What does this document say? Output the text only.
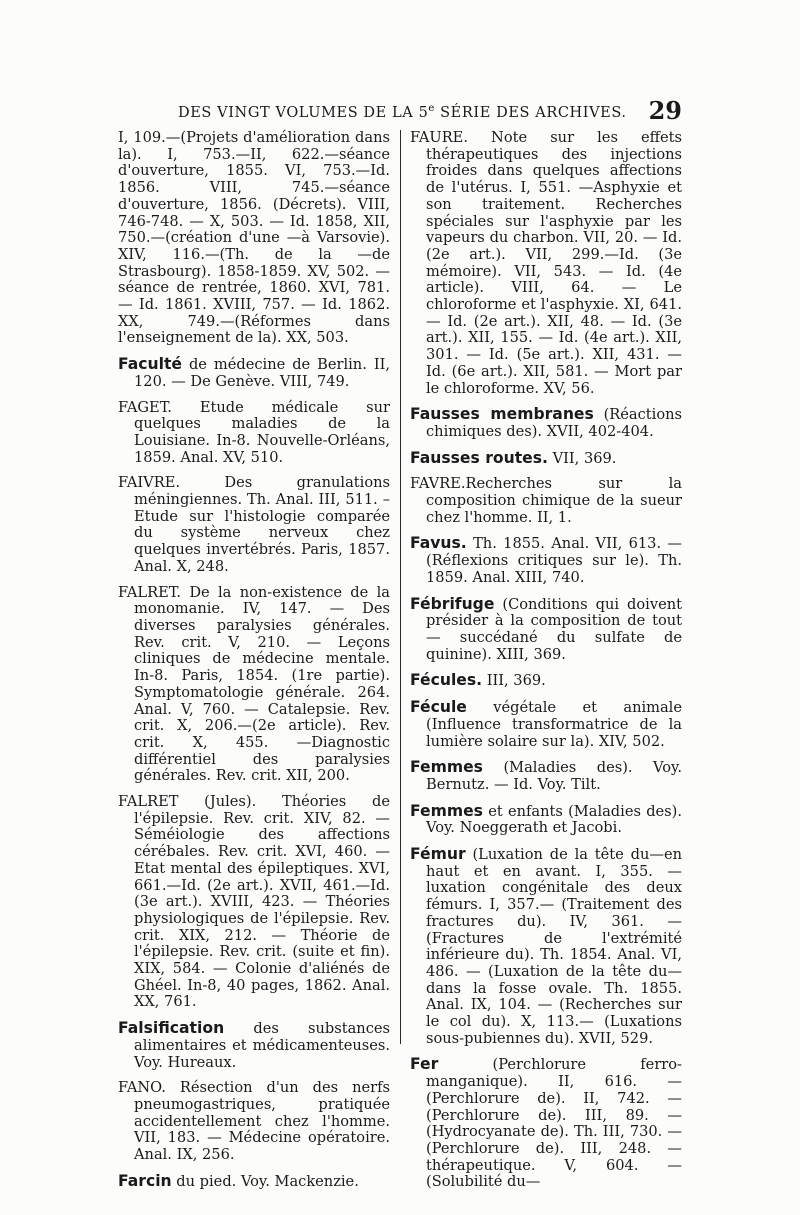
DES VINGT VOLUMES DE LA 5e SÉRIE DES ARCHIVES. 29

I, 109.—(Projets d'amélioration dans la). I, 753.—II, 622.—séance d'ouverture, 1855. VI, 753.—Id. 1856. VIII, 745.—séance d'ouverture, 1856. (Décrets). VIII, 746-748. — X, 503. — Id. 1858, XII, 750.—(création d'une —à Varsovie). XIV, 116.—(Th. de la —de Strasbourg). 1858-1859. XV, 502. — séance de rentrée, 1860. XVI, 781. — Id. 1861. XVIII, 757. — Id. 1862. XX, 749.—(Réformes dans l'enseignement de la). XX, 503.

Faculté de médecine de Berlin. II, 120. — De Genève. VIII, 749.

FAGET. Etude médicale sur quelques maladies de la Louisiane. In-8. Nouvelle-Orléans, 1859. Anal. XV, 510.

FAIVRE. Des granulations méningiennes. Th. Anal. III, 511. – Etude sur l'histologie comparée du système nerveux chez quelques invertébrés. Paris, 1857. Anal. X, 248.

FALRET. De la non-existence de la monomanie. IV, 147. — Des diverses paralysies générales. Rev. crit. V, 210. — Leçons cliniques de médecine mentale. In-8. Paris, 1854. (1re partie). Symptomatologie générale. 264. Anal. V, 760. — Catalepsie. Rev. crit. X, 206.—(2e article). Rev. crit. X, 455. —Diagnostic différentiel des paralysies générales. Rev. crit. XII, 200.

FALRET (Jules). Théories de l'épilepsie. Rev. crit. XIV, 82. — Séméiologie des affections cérébales. Rev. crit. XVI, 460. — Etat mental des épileptiques. XVI, 661.—Id. (2e art.). XVII, 461.—Id. (3e art.). XVIII, 423. — Théories physiologiques de l'épilepsie. Rev. crit. XIX, 212. — Théorie de l'épilepsie. Rev. crit. (suite et fin). XIX, 584. — Colonie d'aliénés de Ghéel. In-8, 40 pages, 1862. Anal. XX, 761.

Falsification des substances alimentaires et médicamenteuses. Voy. Hureaux.

FANO. Résection d'un des nerfs pneumogastriques, pratiquée accidentellement chez l'homme. VII, 183. — Médecine opératoire. Anal. IX, 256.

Farcin du pied. Voy. Mackenzie.

FAURE. Note sur les effets thérapeutiques des injections froides dans quelques affections de l'utérus. I, 551. —Asphyxie et son traitement. Recherches spéciales sur l'asphyxie par les vapeurs du charbon. VII, 20. — Id. (2e art.). VII, 299.—Id. (3e mémoire). VII, 543. — Id. (4e article). VIII, 64. — Le chloroforme et l'asphyxie. XI, 641. — Id. (2e art.). XII, 48. — Id. (3e art.). XII, 155. — Id. (4e art.). XII, 301. — Id. (5e art.). XII, 431. — Id. (6e art.). XII, 581. — Mort par le chloroforme. XV, 56.

Fausses membranes (Réactions chimiques des). XVII, 402-404.

Fausses routes. VII, 369.

FAVRE.Recherches sur la composition chimique de la sueur chez l'homme. II, 1.

Favus. Th. 1855. Anal. VII, 613. — (Réflexions critiques sur le). Th. 1859. Anal. XIII, 740.

Fébrifuge (Conditions qui doivent présider à la composition de tout — succédané du sulfate de quinine). XIII, 369.

Fécules. III, 369.

Fécule végétale et animale (Influence transformatrice de la lumière solaire sur la). XIV, 502.

Femmes (Maladies des). Voy. Bernutz. — Id. Voy. Tilt.

Femmes et enfants (Maladies des). Voy. Noeggerath et Jacobi.

Fémur (Luxation de la tête du—en haut et en avant. I, 355. — luxation congénitale des deux fémurs. I, 357.— (Traitement des fractures du). IV, 361. — (Fractures de l'extrémité inférieure du). Th. 1854. Anal. VI, 486. — (Luxation de la tête du—dans la fosse ovale. Th. 1855. Anal. IX, 104. — (Recherches sur le col du). X, 113.— (Luxations sous-pubiennes du). XVII, 529.

Fer (Perchlorure ferro-manganique). II, 616. — (Perchlorure de). II, 742. — (Perchlorure de). III, 89. — (Hydrocyanate de). Th. III, 730. — (Perchlorure de). III, 248. — thérapeutique. V, 604. — (Solubilité du—
